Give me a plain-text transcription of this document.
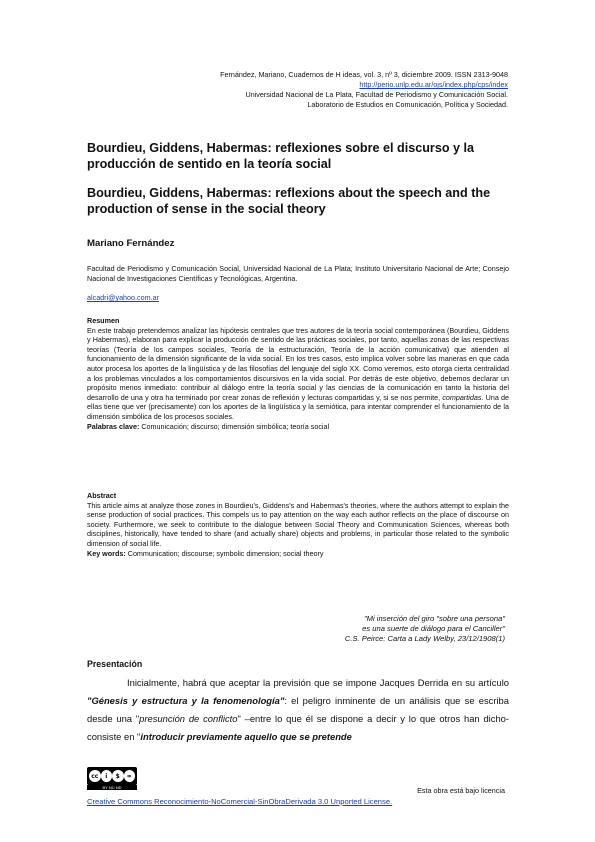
Fernández, Mariano, Cuadernos de H ideas, vol. 3, nº 3, diciembre 2009. ISSN 2313-9048
http://perio.unlp.edu.ar/ojs/index.php/cps/index
Universidad Nacional de La Plata, Facultad de Periodismo y Comunicación Social.
Laboratorio de Estudios en Comunicación, Política y Sociedad.
Bourdieu, Giddens, Habermas: reflexiones sobre el discurso y la producción de sentido en la teoría social
Bourdieu, Giddens, Habermas: reflexions about the speech and the production of sense in the social theory
Mariano Fernández
Facultad de Periodismo y Comunicación Social, Universidad Nacional de La Plata; Instituto Universitario Nacional de Arte; Consejo Nacional de Investigaciones Científicas y Tecnológicas, Argentina.
alcadri@yahoo.com.ar
Resumen
En este trabajo pretendemos analizar las hipótesis centrales que tres autores de la teoría social contemporánea (Bourdieu, Giddens y Habermas), elaboran para explicar la producción de sentido de las prácticas sociales, por tanto, aquellas zonas de las respectivas teorías (Teoría de los campos sociales, Teoría de la estructuración, Teoría de la acción comunicativa) que atienden al funcionamiento de la dimensión significante de la vida social. En los tres casos, esto implica volver sobre las maneras en que cada autor procesa los aportes de la lingüística y de las filosofías del lenguaje del siglo XX. Como veremos, esto otorga cierta centralidad a los problemas vinculados a los comportamientos discursivos en la vida social. Por detrás de este objetivo, debemos declarar un propósito menos inmediato: contribuir al diálogo entre la teoría social y las ciencias de la comunicación en tanto la historia del desarrollo de una y otra ha terminado por crear zonas de reflexión y lecturas compartidas y, si se nos permite, compartidas. Una de ellas tiene que ver (precisamente) con los aportes de la lingüística y la semiótica, para intentar comprender el funcionamiento de la dimensión simbólica de los procesos sociales.
Palabras clave: Comunicación; discurso; dimensión simbólica; teoría social
Abstract
This article aims at analyze those zones in Bourdieu's, Giddens's and Habermas's theories, where the authors attempt to explain the sense production of social practices. This compels us to pay attention on the way each author reflects on the place of discourse on society. Furthermore, we seek to contribute to the dialogue between Social Theory and Communication Sciences, whereas both disciplines, historically, have tended to share (and actually share) objects and problems, in particular those related to the symbolic dimension of social life.
Key words: Communication; discourse; symbolic dimension; social theory
"Mi inserción del giro "sobre una persona"
es una suerte de diálogo para el Canciller"
C.S. Peirce: Carta a Lady Welby, 23/12/1908(1)
Presentación
Inicialmente, habrá que aceptar la previsión que se impone Jacques Derrida en su artículo "Génesis y estructura y la fenomenología": el peligro inminente de un análisis que se escriba desde una "presunción de conflicto" –entre lo que él se dispone a decir y lo que otros han dicho- consiste en "introducir previamente aquello que se pretende
cc	i	$	=
BY NC ND	Esta obra está bajo licencia
Creative Commons Reconocimiento-NoComercial-SinObraDerivada 3.0 Unported License.
